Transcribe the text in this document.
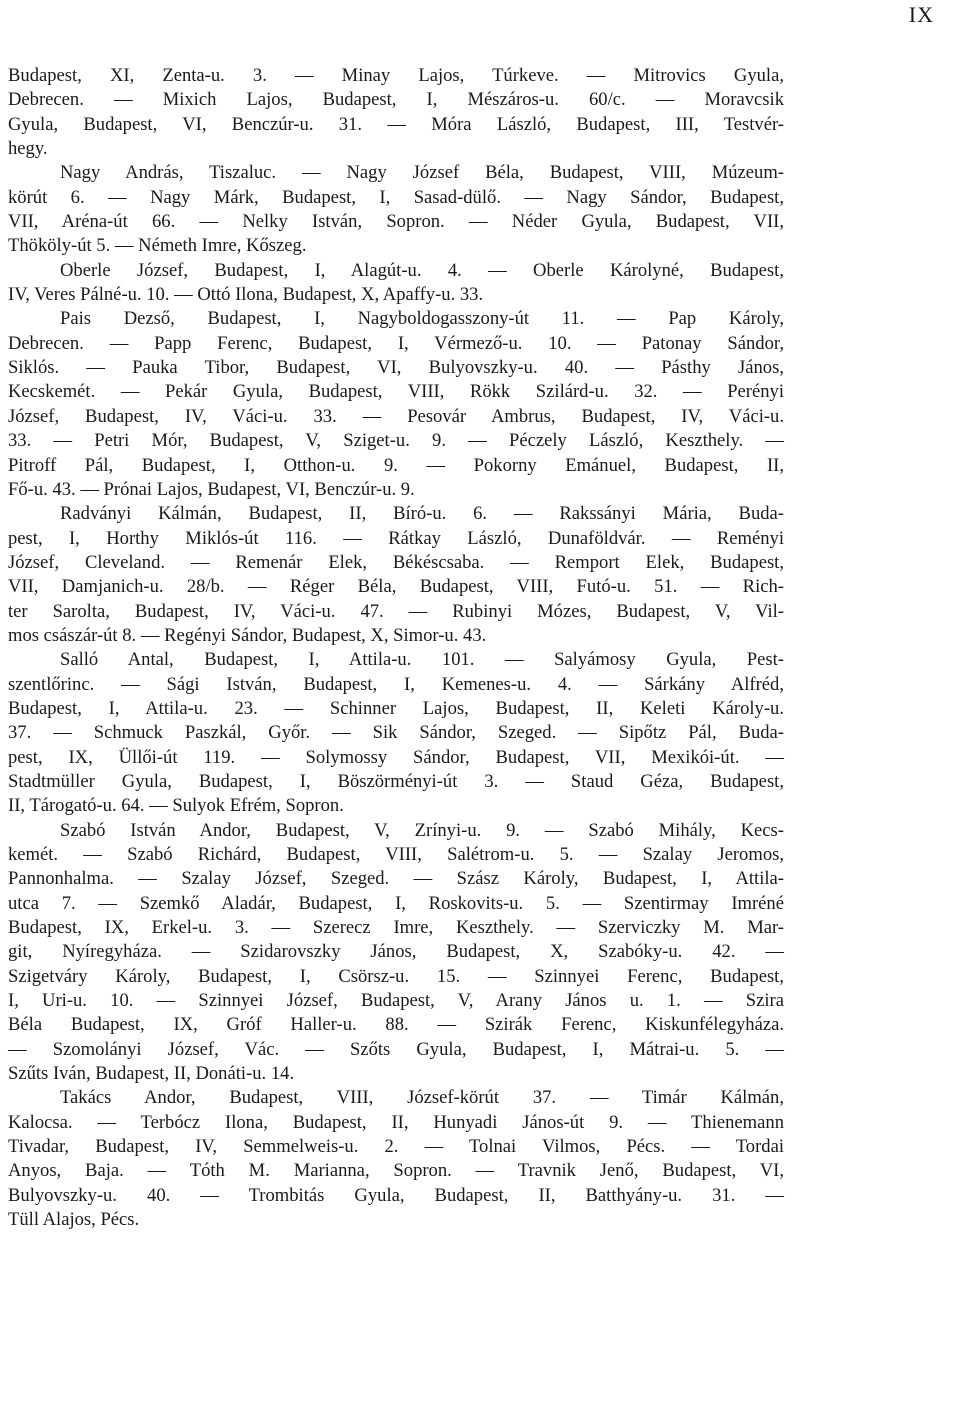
IX

Budapest, XI, Zenta-u. 3. — Minay Lajos, Túrkeve. — Mitrovics Gyula,
Debrecen. — Mixich Lajos, Budapest, I, Mészáros-u. 60/c. — Moravcsik
Gyula, Budapest, VI, Benczúr-u. 31. — Móra László, Budapest, III, Testvér-
hegy.

Nagy András, Tiszaluc. — Nagy József Béla, Budapest, VIII, Múzeum-
körút 6. — Nagy Márk, Budapest, I, Sasad-dülő. — Nagy Sándor, Budapest,
VII, Aréna-út 66. — Nelky István, Sopron. — Néder Gyula, Budapest, VII,
Thököly-út 5. — Németh Imre, Kőszeg.

Oberle József, Budapest, I, Alagút-u. 4. — Oberle Károlyné, Budapest,
IV, Veres Pálné-u. 10. — Ottó Ilona, Budapest, X, Apaffy-u. 33.

Pais Dezső, Budapest, I, Nagyboldogasszony-út 11. — Pap Károly,
Debrecen. — Papp Ferenc, Budapest, I, Vérmező-u. 10. — Patonay Sándor,
Siklós. — Pauka Tibor, Budapest, VI, Bulyovszky-u. 40. — Pásthy János,
Kecskemét. — Pekár Gyula, Budapest, VIII, Rökk Szilárd-u. 32. — Perényi
József, Budapest, IV, Váci-u. 33. — Pesovár Ambrus, Budapest, IV, Váci-u.
33. — Petri Mór, Budapest, V, Sziget-u. 9. — Péczely László, Keszthely. —
Pitroff Pál, Budapest, I, Otthon-u. 9. — Pokorny Emánuel, Budapest, II,
Fő-u. 43. — Prónai Lajos, Budapest, VI, Benczúr-u. 9.

Radványi Kálmán, Budapest, II, Bíró-u. 6. — Rakssányi Mária, Buda-
pest, I, Horthy Miklós-út 116. — Rátkay László, Dunaföldvár. — Reményi
József, Cleveland. — Remenár Elek, Békéscsaba. — Remport Elek, Budapest,
VII, Damjanich-u. 28/b. — Réger Béla, Budapest, VIII, Futó-u. 51. — Rich-
ter Sarolta, Budapest, IV, Váci-u. 47. — Rubinyi Mózes, Budapest, V, Vil-
mos császár-út 8. — Regényi Sándor, Budapest, X, Simor-u. 43.

Salló Antal, Budapest, I, Attila-u. 101. — Salyámosy Gyula, Pest-
szentlőrinc. — Sági István, Budapest, I, Kemenes-u. 4. — Sárkány Alfréd,
Budapest, I, Attila-u. 23. — Schinner Lajos, Budapest, II, Keleti Károly-u.
37. — Schmuck Paszkál, Győr. — Sik Sándor, Szeged. — Sipőtz Pál, Buda-
pest, IX, Üllői-út 119. — Solymossy Sándor, Budapest, VII, Mexikói-út. —
Stadtmüller Gyula, Budapest, I, Böszörményi-út 3. — Staud Géza, Budapest,
II, Tárogató-u. 64. — Sulyok Efrém, Sopron.

Szabó István Andor, Budapest, V, Zrínyi-u. 9. — Szabó Mihály, Kecs-
kemét. — Szabó Richárd, Budapest, VIII, Salétrom-u. 5. — Szalay Jeromos,
Pannonhalma. — Szalay József, Szeged. — Szász Károly, Budapest, I, Attila-
utca 7. — Szemkő Aladár, Budapest, I, Roskovits-u. 5. — Szentirmay Imréné
Budapest, IX, Erkel-u. 3. — Szerecz Imre, Keszthely. — Szerviczky M. Mar-
git, Nyíregyháza. — Szidarovszky János, Budapest, X, Szabóky-u. 42. —
Szigetváry Károly, Budapest, I, Csörsz-u. 15. — Szinnyei Ferenc, Budapest,
I, Uri-u. 10. — Szinnyei József, Budapest, V, Arany János u. 1. — Szira
Béla Budapest, IX, Gróf Haller-u. 88. — Szirák Ferenc, Kiskunfélegyháza.
— Szomolányi József, Vác. — Szőts Gyula, Budapest, I, Mátrai-u. 5. —
Szűts Iván, Budapest, II, Donáti-u. 14.

Takács Andor, Budapest, VIII, József-körút 37. — Timár Kálmán,
Kalocsa. — Terbócz Ilona, Budapest, II, Hunyadi János-út 9. — Thienemann
Tivadar, Budapest, IV, Semmelweis-u. 2. — Tolnai Vilmos, Pécs. — Tordai
Anyos, Baja. — Tóth M. Marianna, Sopron. — Travnik Jenő, Budapest, VI,
Bulyovszky-u. 40. — Trombitás Gyula, Budapest, II, Batthyány-u. 31. —
Tüll Alajos, Pécs.
